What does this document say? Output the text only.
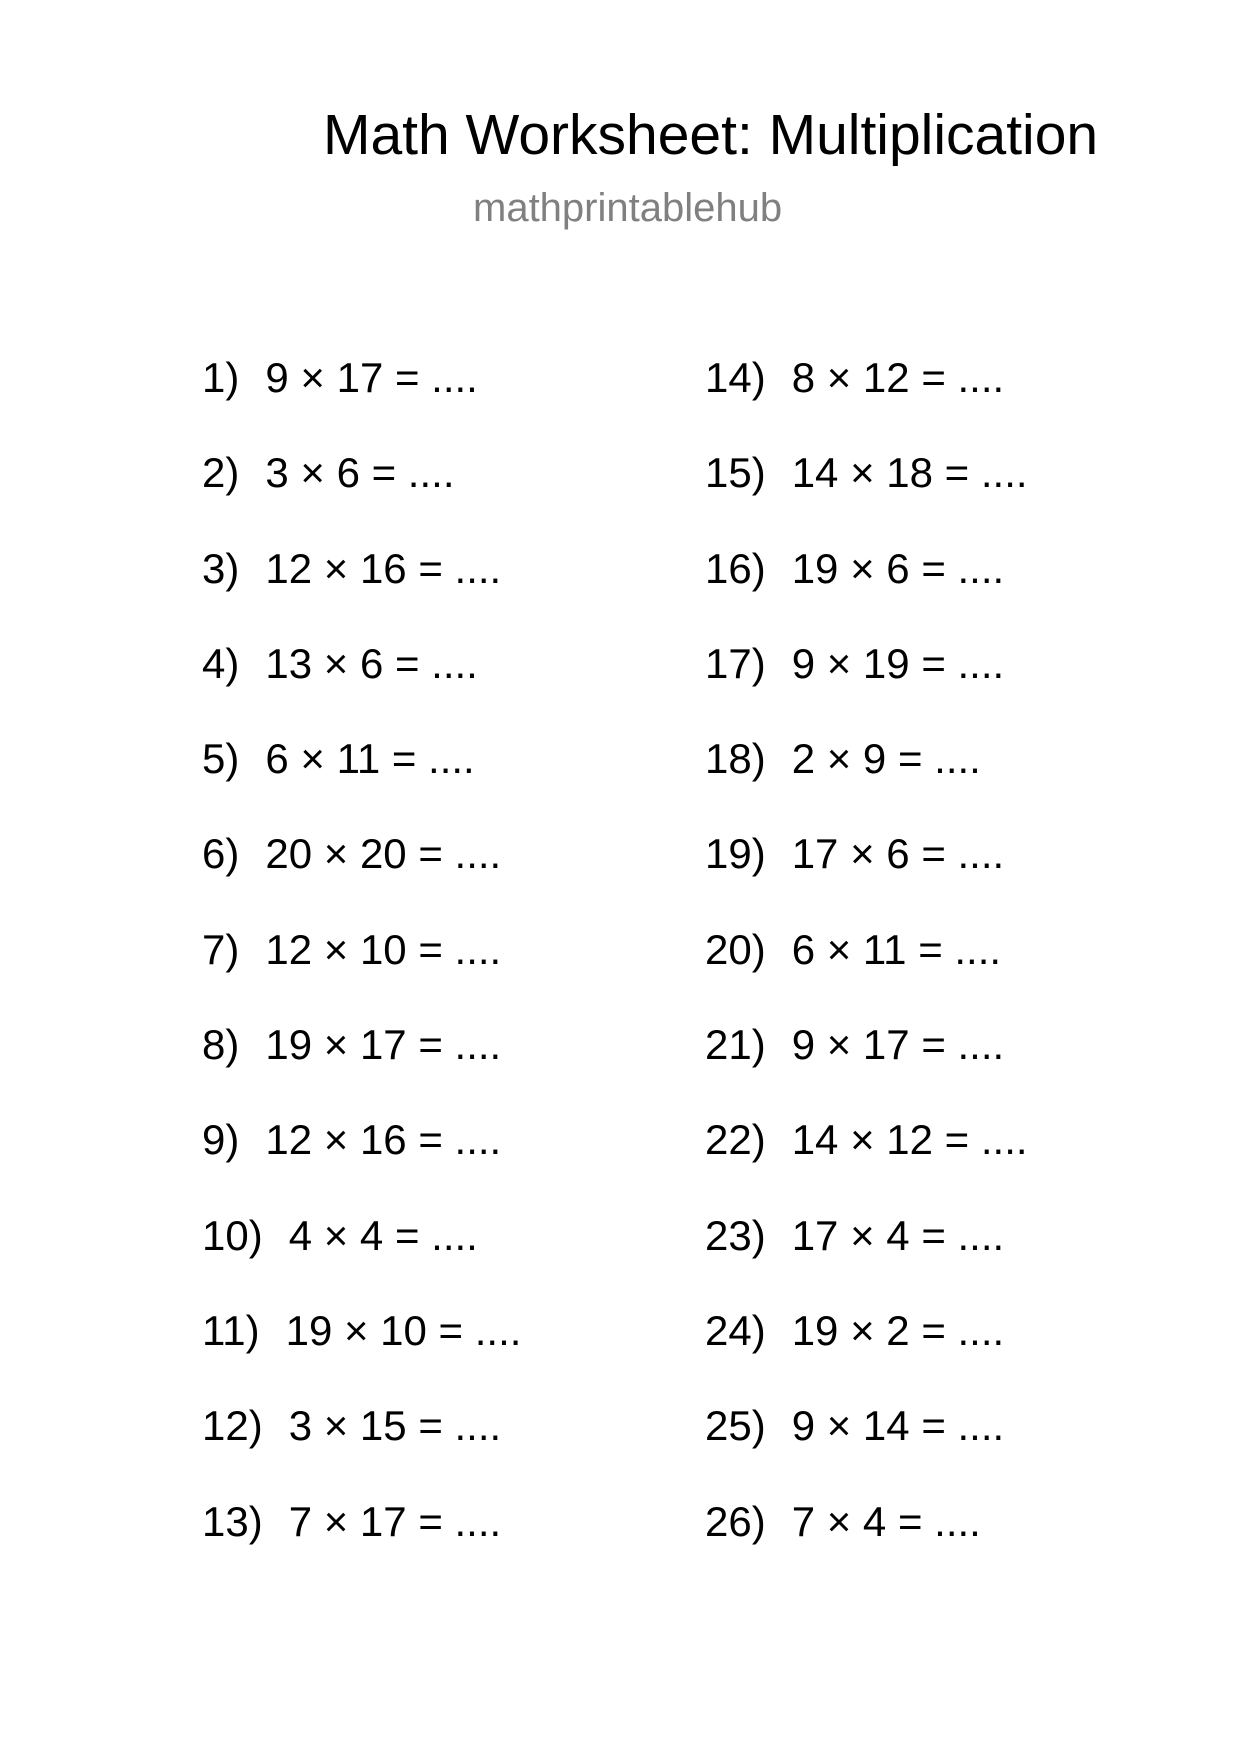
Math Worksheet: Multiplication
mathprintablehub
1) 9 × 17 = ....
2) 3 × 6 = ....
3) 12 × 16 = ....
4) 13 × 6 = ....
5) 6 × 11 = ....
6) 20 × 20 = ....
7) 12 × 10 = ....
8) 19 × 17 = ....
9) 12 × 16 = ....
10) 4 × 4 = ....
11) 19 × 10 = ....
12) 3 × 15 = ....
13) 7 × 17 = ....
14) 8 × 12 = ....
15) 14 × 18 = ....
16) 19 × 6 = ....
17) 9 × 19 = ....
18) 2 × 9 = ....
19) 17 × 6 = ....
20) 6 × 11 = ....
21) 9 × 17 = ....
22) 14 × 12 = ....
23) 17 × 4 = ....
24) 19 × 2 = ....
25) 9 × 14 = ....
26) 7 × 4 = ....
